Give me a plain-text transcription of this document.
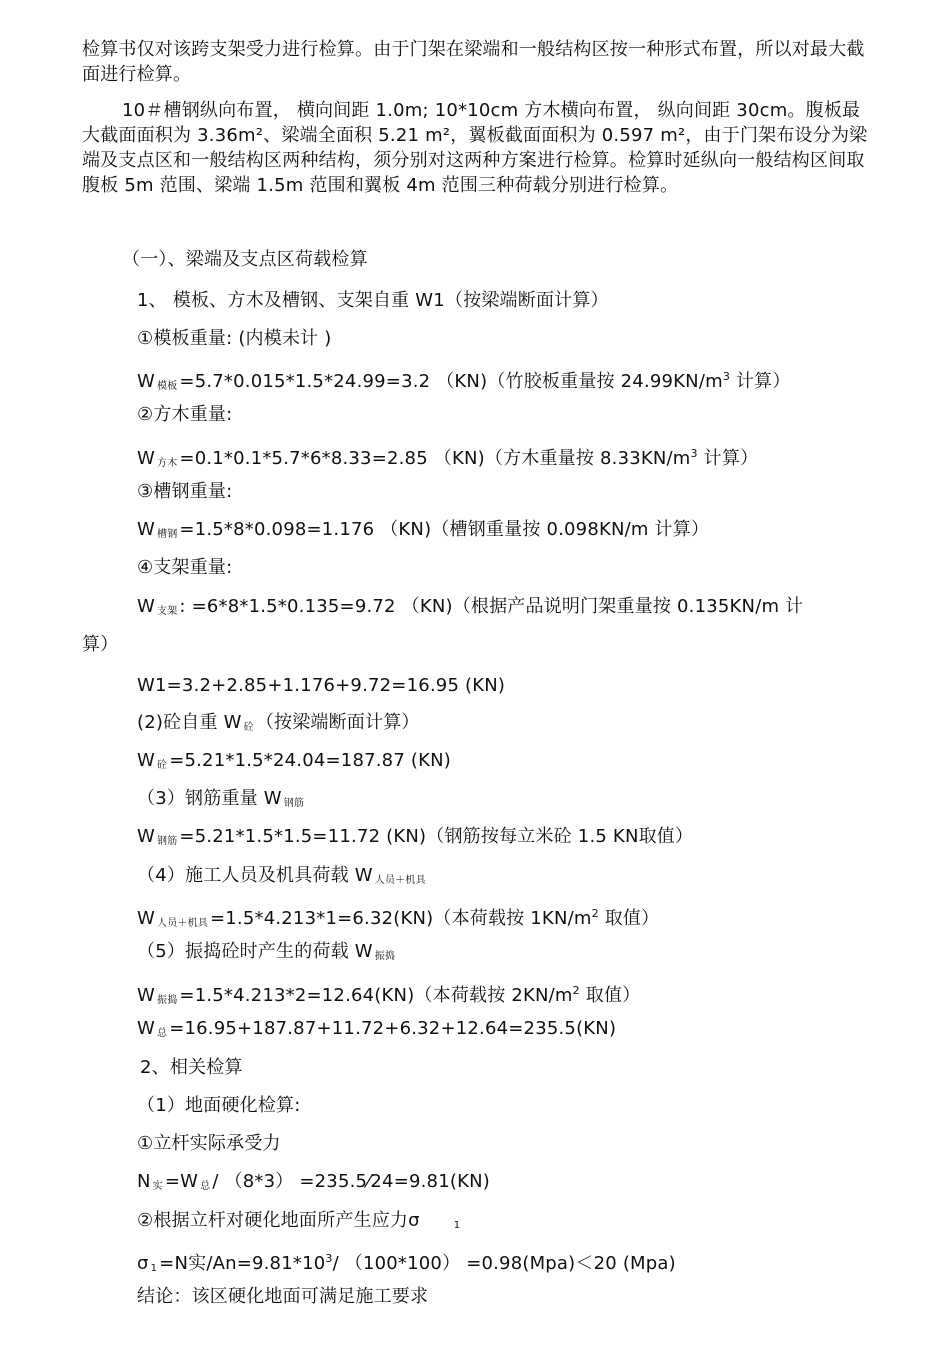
检算书仅对该跨支架受力进行检算。由于门架在梁端和一般结构区按一种形式布置，所以对最大截面进行检算。

10＃槽钢纵向布置， 横向间距 1.0m; 10*10cm 方木横向布置， 纵向间距 30cm。腹板最大截面面积为 3.36m²、梁端全面积 5.21 m²，翼板截面面积为 0.597 m²，由于门架布设分为梁端及支点区和一般结构区两种结构，须分别对这两种方案进行检算。检算时延纵向一般结构区间取腹板 5m 范围、梁端 1.5m 范围和翼板 4m 范围三种荷载分别进行检算。

（一）、梁端及支点区荷载检算
1、 模板、方木及槽钢、支架自重 W1（按梁端断面计算）
①模板重量: (内模未计 )
W $_{模板}$ =5.7*0.015*1.5*24.99=3.2 （KN)（竹胶板重量按 $24.99KN/m^3$ 计算）
②方木重量:
W $_{方木}$ =0.1*0.1*5.7*6*8.33=2.85 （KN)（方木重量按 $8.33KN/m^3$ 计算）
③槽钢重量:
W $_{槽钢}$ =1.5*8*0.098=1.176 （KN)（槽钢重量按 0.098KN/m 计算）
④支架重量:
W $_{支架}$ : =6*8*1.5*0.135=9.72 （KN)（根据产品说明门架重量按 0.135KN/m 计
算）
W1=3.2+2.85+1.176+9.72=16.95 (KN)
(2)砼自重 W $_砼$ （按梁端断面计算）
W $_砼$ =5.21*1.5*24.04=187.87 (KN)
（3）钢筋重量 W $_{钢筋}$
W $_{钢筋}$ =5.21*1.5*1.5=11.72 (KN)（钢筋按每立米砼 1.5 KN取值）
（4）施工人员及机具荷载 W $_{人员+机具}$
W $_{人员+机具}$ =1.5*4.213*1=6.32(KN)（本荷载按 $1KN/m^2$ 取值）
（5）振捣砼时产生的荷载 W $_{振捣}$
W $_{振捣}$ =1.5*4.213*2=12.64(KN)（本荷载按 $2KN/m^2$ 取值）
W $_总$ =16.95+187.87+11.72+6.32+12.64=235.5(KN)
2、相关检算
（1）地面硬化检算:
①立杆实际承受力
N $_实$ =W $_总$ / （8*3） =235.5⁄24=9.81(KN)
②根据立杆对硬化地面所产生应力σ	$_1$
σ $_1$ =N实$/An=9.81*10^3/$ （100*100） =0.98(Mpa)＜20 (Mpa)
结论：该区硬化地面可满足施工要求
